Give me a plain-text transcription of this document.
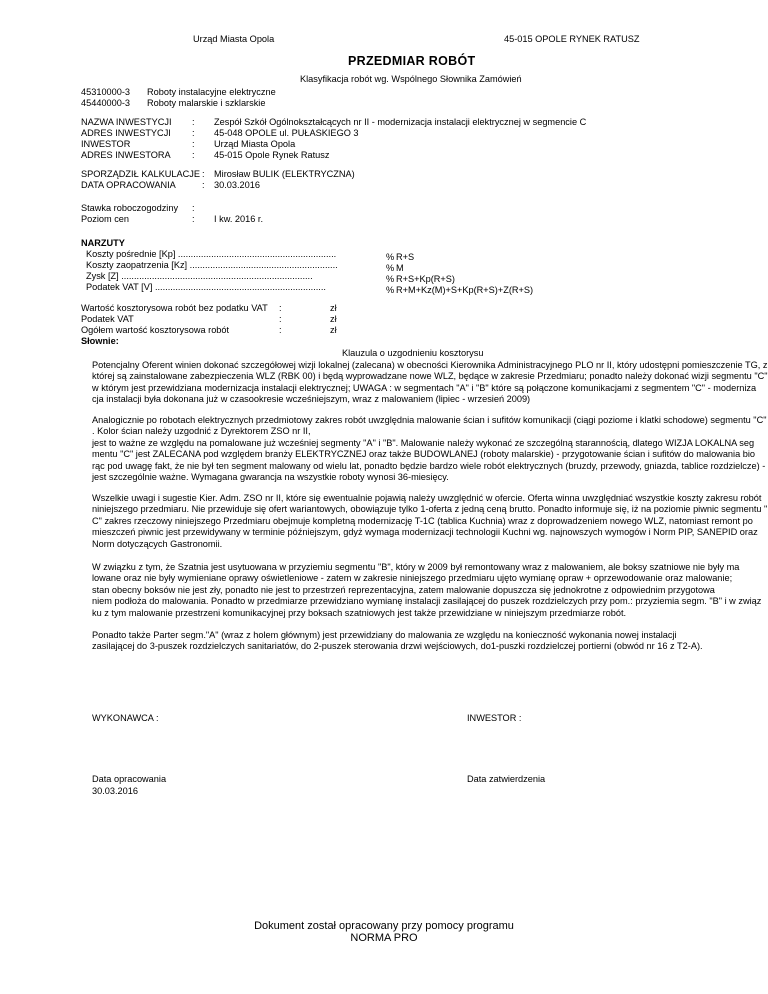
Urząd Miasta Opola	45-015 OPOLE RYNEK RATUSZ
PRZEDMIAR ROBÓT
Klasyfikacja robót wg. Wspólnego Słownika Zamówień
45310000-3 Roboty instalacyjne elektryczne
45440000-3 Roboty malarskie i szklarskie
NAZWA INWESTYCJI : Zespół Szkół Ogólnokształcących nr II - modernizacja instalacji elektrycznej w segmencie C
ADRES INWESTYCJI : 45-048 OPOLE ul. PUŁASKIEGO 3
INWESTOR	: Urząd Miasta Opola
ADRES INWESTORA : 45-015 Opole Rynek Ratusz
SPORZĄDZIŁ KALKULACJE : Mirosław BULIK (ELEKTRYCZNA)
DATA OPRACOWANIA	: 30.03.2016
Stawka roboczogodziny :
Poziom cen	: I kw. 2016 r.
NARZUTY
Koszty pośrednie [Kp] ..............................................................	% R+S
Koszty zaopatrzenia [Kz] ..........................................................	% M
Zysk [Z] ...........................................................................	% R+S+Kp(R+S)
Podatek VAT [V] ...................................................................	% R+M+Kz(M)+S+Kp(R+S)+Z(R+S)
Wartość kosztorysowa robót bez podatku VAT :	zł
Podatek VAT	:	zł
Ogółem wartość kosztorysowa robót	:	zł
Słownie:
Klauzula o uzgodnieniu kosztorysu
Potencjalny Oferent winien dokonać szczegółowej wizji lokalnej (zalecana) w obecności Kierownika Administracyjnego PLO nr II, który udostępni pomieszczenie TG, z
której są zainstalowane zabezpieczenia WLZ (RBK 00) i będą wyprowadzane nowe WLZ, będące w zakresie Przedmiaru; ponadto należy dokonać wizji segmentu "C"
w którym jest przewidziana modernizacja instalacji elektrycznej; UWAGA : w segmentach "A" i "B" które są połączone komunikacjami z segmentem "C" - moderniza
cja instalacji była dokonana już w czasookresie wcześniejszym, wraz z malowaniem (lipiec - wrzesień 2009)
Analogicznie po robotach elektrycznych przedmiotowy zakres robót uwzględnia malowanie ścian i sufitów komunikacji (ciągi poziome i klatki schodowe) segmentu "C"
. Kolor ścian należy uzgodnić z Dyrektorem ZSO nr II,
jest to ważne ze względu na pomalowane już wcześniej segmenty "A" i "B". Malowanie należy wykonać ze szczególną starannością, dlatego WIZJA LOKALNA seg
mentu "C" jest ZALECANA pod względem branży ELEKTRYCZNEJ oraz także BUDOWLANEJ (roboty malarskie) - przygotowanie ścian i sufitów do malowania bio
rąc pod uwagę fakt, że nie był ten segment malowany od wielu lat, ponadto będzie bardzo wiele robót elektrycznych (bruzdy, przewody, gniazda, tablice rozdzielcze) -
jest szczególnie ważne. Wymagana gwarancja na wszystkie roboty wynosi 36-miesięcy.
Wszelkie uwagi i sugestie Kier. Adm. ZSO nr II, które się ewentualnie pojawią należy uwzględnić w ofercie. Oferta winna uwzględniać wszystkie koszty zakresu robót
niniejszego przedmiaru. Nie przewiduje się ofert wariantowych, obowiązuje tylko 1-oferta z jedną ceną brutto. Ponadto informuje się, iż na poziomie piwnic segmentu "
C" zakres rzeczowy niniejszego Przedmiaru obejmuje kompletną modernizację T-1C (tablica Kuchnia) wraz z doprowadzeniem nowego WLZ, natomiast remont po
mieszczeń piwnic jest przewidywany w terminie późniejszym, gdyż wymaga modernizacji technologii Kuchni wg. najnowszych wymogów i Norm PIP, SANEPID oraz
Norm dotyczących Gastronomii.
W związku z tym, że Szatnia jest usytuowana w przyziemiu segmentu "B", który w 2009 był remontowany wraz z malowaniem, ale boksy szatniowe nie były ma
lowane oraz nie były wymieniane oprawy oświetleniowe - zatem w zakresie niniejszego przedmiaru ujęto wymianę opraw + oprzewodowanie oraz malowanie;
stan obecny boksów nie jest zły, ponadto nie jest to przestrzeń reprezentacyjna, zatem malowanie dopuszcza się jednokrotne z odpowiednim przygotowa
niem podłoża do malowania. Ponadto w przedmiarze przewidziano wymianę instalacji zasilającej do puszek rozdzielczych przy pom.: przyziemia segm. "B" i w związ
ku z tym malowanie przestrzeni komunikacyjnej przy boksach szatniowych jest także przewidziane w niniejszym przedmiarze robót.
Ponadto także Parter segm."A" (wraz z holem głównym) jest przewidziany do malowania ze względu na konieczność wykonania nowej instalacji
zasilającej do 3-puszek rozdzielczych sanitariatów, do 2-puszek sterowania drzwi wejściowych, do1-puszki rozdzielczej portierni (obwód nr 16 z T2-A).
WYKONAWCA :	INWESTOR :
Data opracowania
30.03.2016
Data zatwierdzenia
Dokument został opracowany przy pomocy programu
NORMA PRO
